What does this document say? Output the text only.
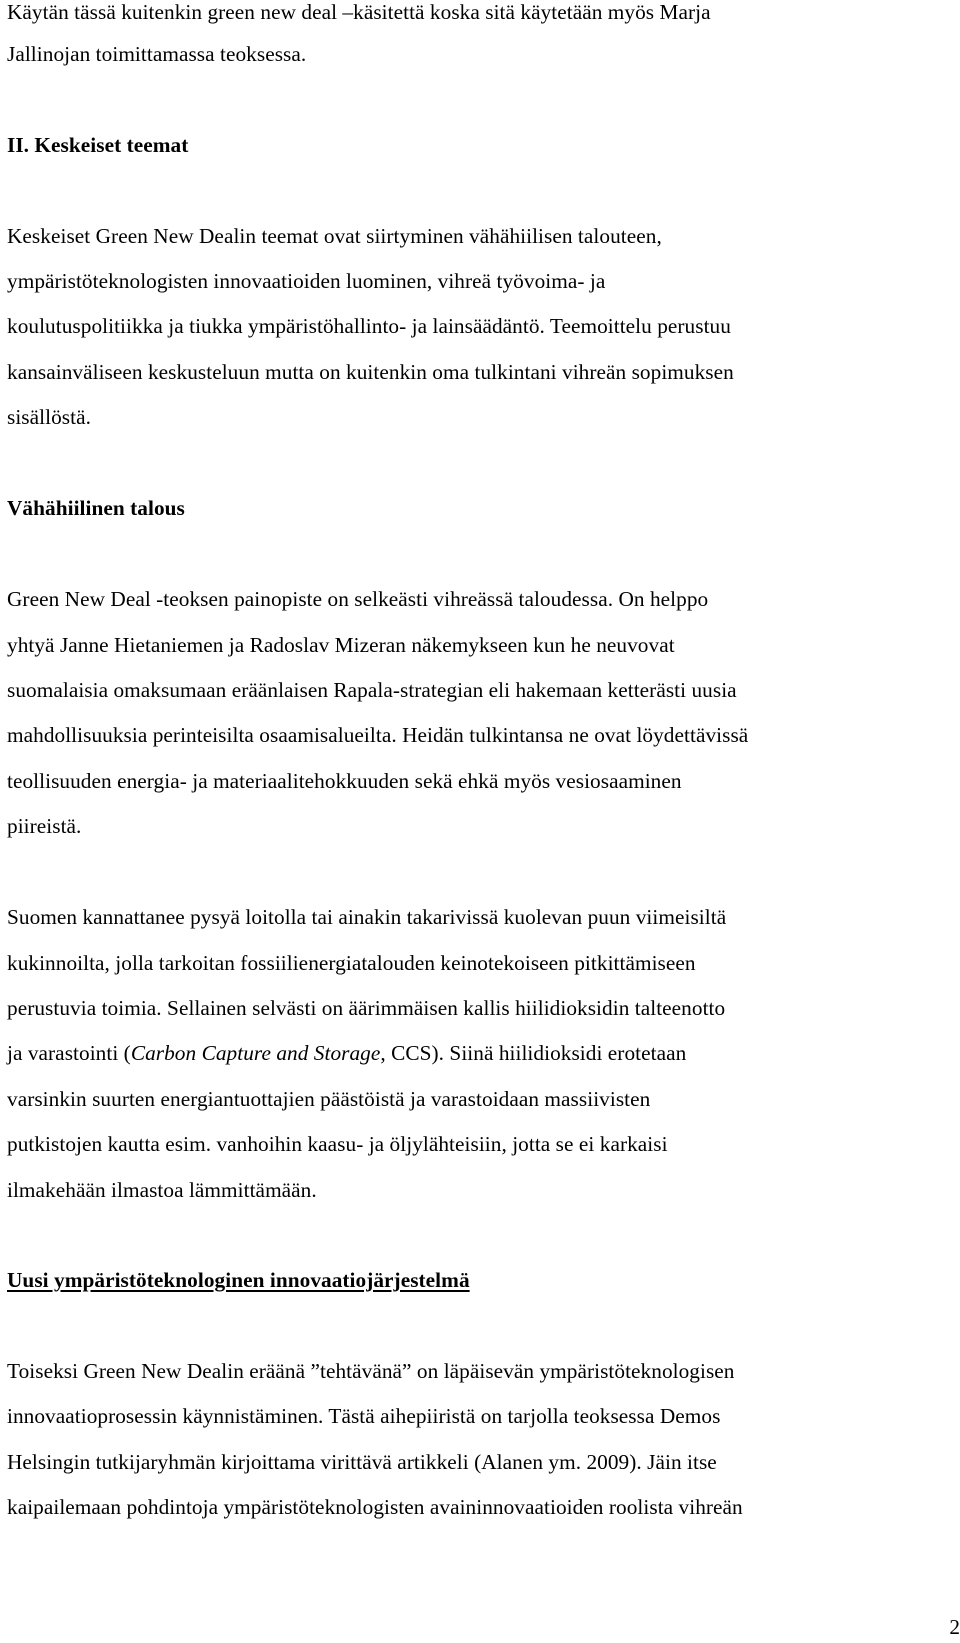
Käytän tässä kuitenkin green new deal –käsitettä koska sitä käytetään myös Marja
Jallinojan toimittamassa teoksessa.
II. Keskeiset teemat
Keskeiset Green New Dealin teemat ovat siirtyminen vähähiilisen talouteen,
ympäristöteknologisten innovaatioiden luominen, vihreä työvoima- ja
koulutuspolitiikka ja tiukka ympäristöhallinto- ja lainsäädäntö. Teemoittelu perustuu
kansainväliseen keskusteluun mutta on kuitenkin oma tulkintani vihreän sopimuksen
sisällöstä.
Vähähiilinen talous
Green New Deal -teoksen painopiste on selkeästi vihreässä taloudessa. On helppo
yhtyä Janne Hietaniemen ja Radoslav Mizeran näkemykseen kun he neuvovat
suomalaisia omaksumaan eräänlaisen Rapala-strategian eli hakemaan ketterästi uusia
mahdollisuuksia perinteisilta osaamisalueilta. Heidän tulkintansa ne ovat löydettävissä
teollisuuden energia- ja materiaalitehokkuuden sekä ehkä myös vesiosaaminen
piireistä.
Suomen kannattanee pysyä loitolla tai ainakin takarivissä kuolevan puun viimeisiltä
kukinnoilta, jolla tarkoitan fossiilienergiatalouden keinotekoiseen pitkittämiseen
perustuvia toimia. Sellainen selvästi on äärimmäisen kallis hiilidioksidin talteenotto
ja varastointi (Carbon Capture and Storage, CCS). Siinä hiilidioksidi erotetaan
varsinkin suurten energiantuottajien päästöistä ja varastoidaan massiivisten
putkistojen kautta esim. vanhoihin kaasu- ja öljylähteisiin, jotta se ei karkaisi
ilmakehään ilmastoa lämmittämään.
Uusi ympäristöteknologinen innovaatiojärjestelmä
Toiseksi Green New Dealin eräänä ”tehtävänä” on läpäisevän ympäristöteknologisen
innovaatioprosessin käynnistäminen. Tästä aihepiiristä on tarjolla teoksessa Demos
Helsingin tutkijaryhmän kirjoittama virittävä artikkeli (Alanen ym. 2009). Jäin itse
kaipailemaan pohdintoja ympäristöteknologisten avaininnovaatioiden roolista vihreän
2
